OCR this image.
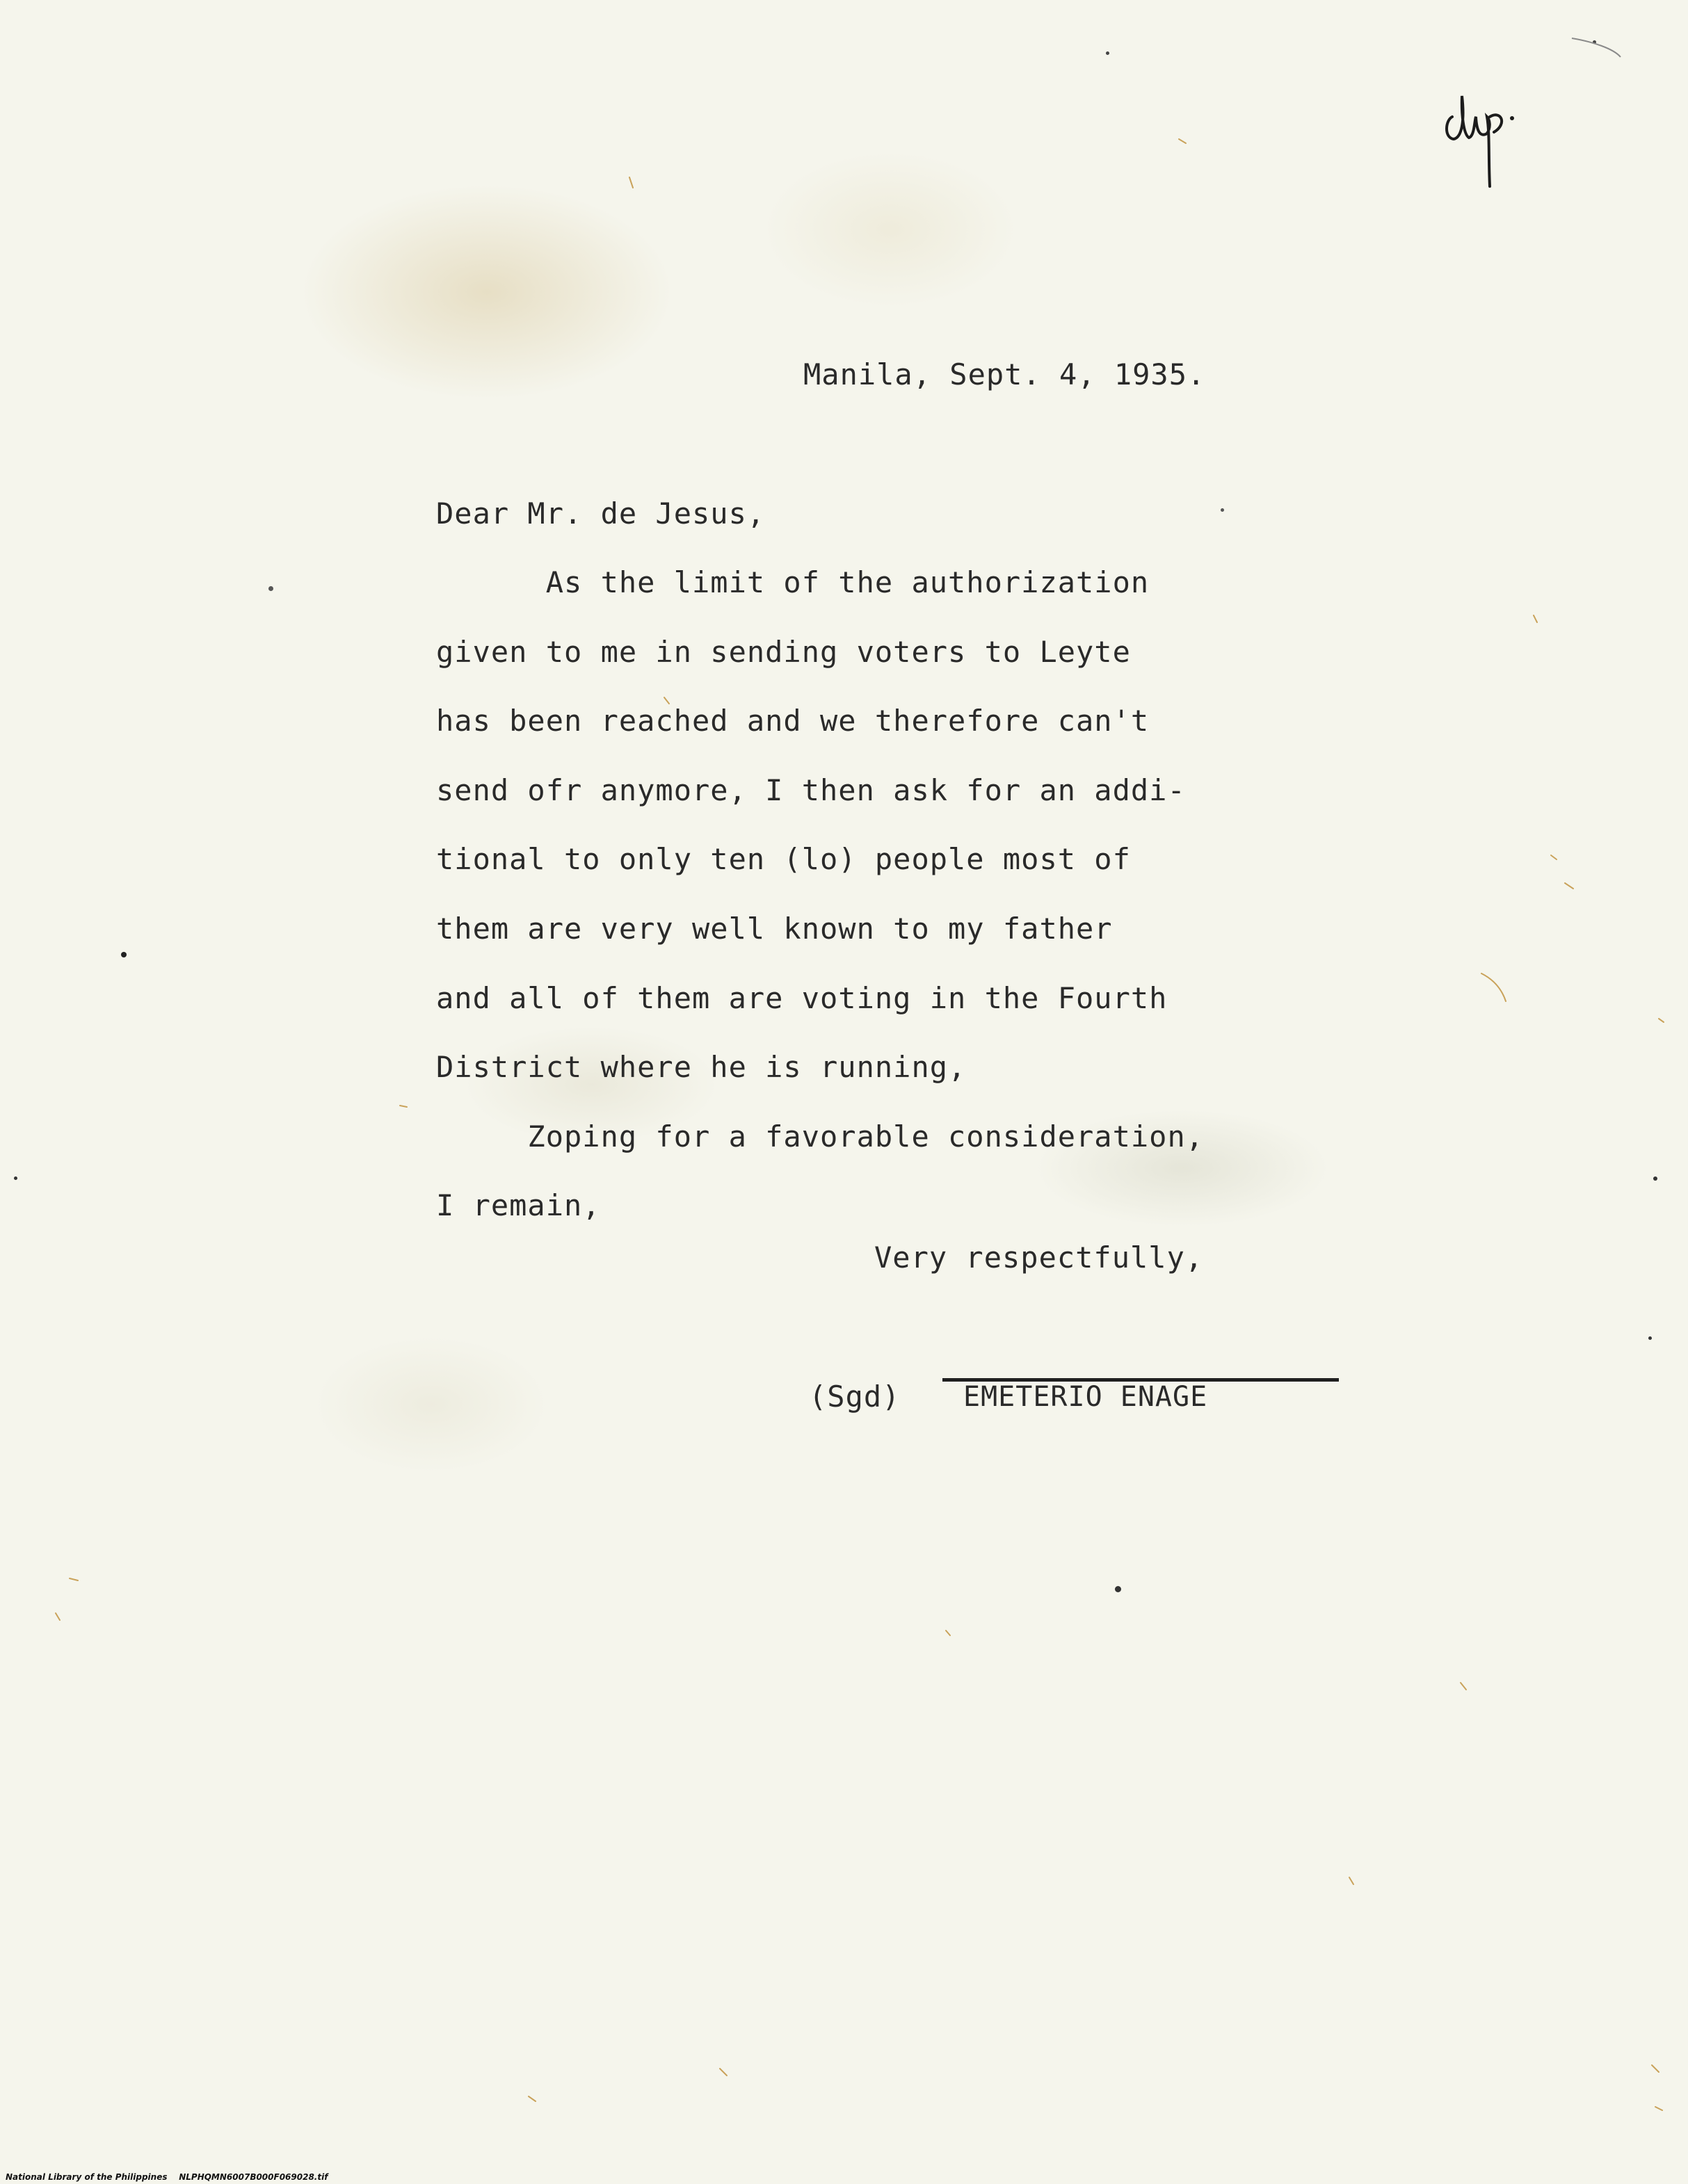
Manila, Sept. 4, 1935.
Dear Mr. de Jesus,
As the limit of the authorization
given to me in sending voters to Leyte
has been reached and we therefore can't
send ofr anymore, I then ask for an addi-
tional to only ten (lo) people most of
them are very well known to my father
and all of them are voting in the Fourth
District where he is running,
Zoping for a favorable consideration,
I remain,
Very respectfully,
(Sgd) EMETERIO ENAGE
National Library of the Philippines NLPHQMN6007B000F069028.tif
